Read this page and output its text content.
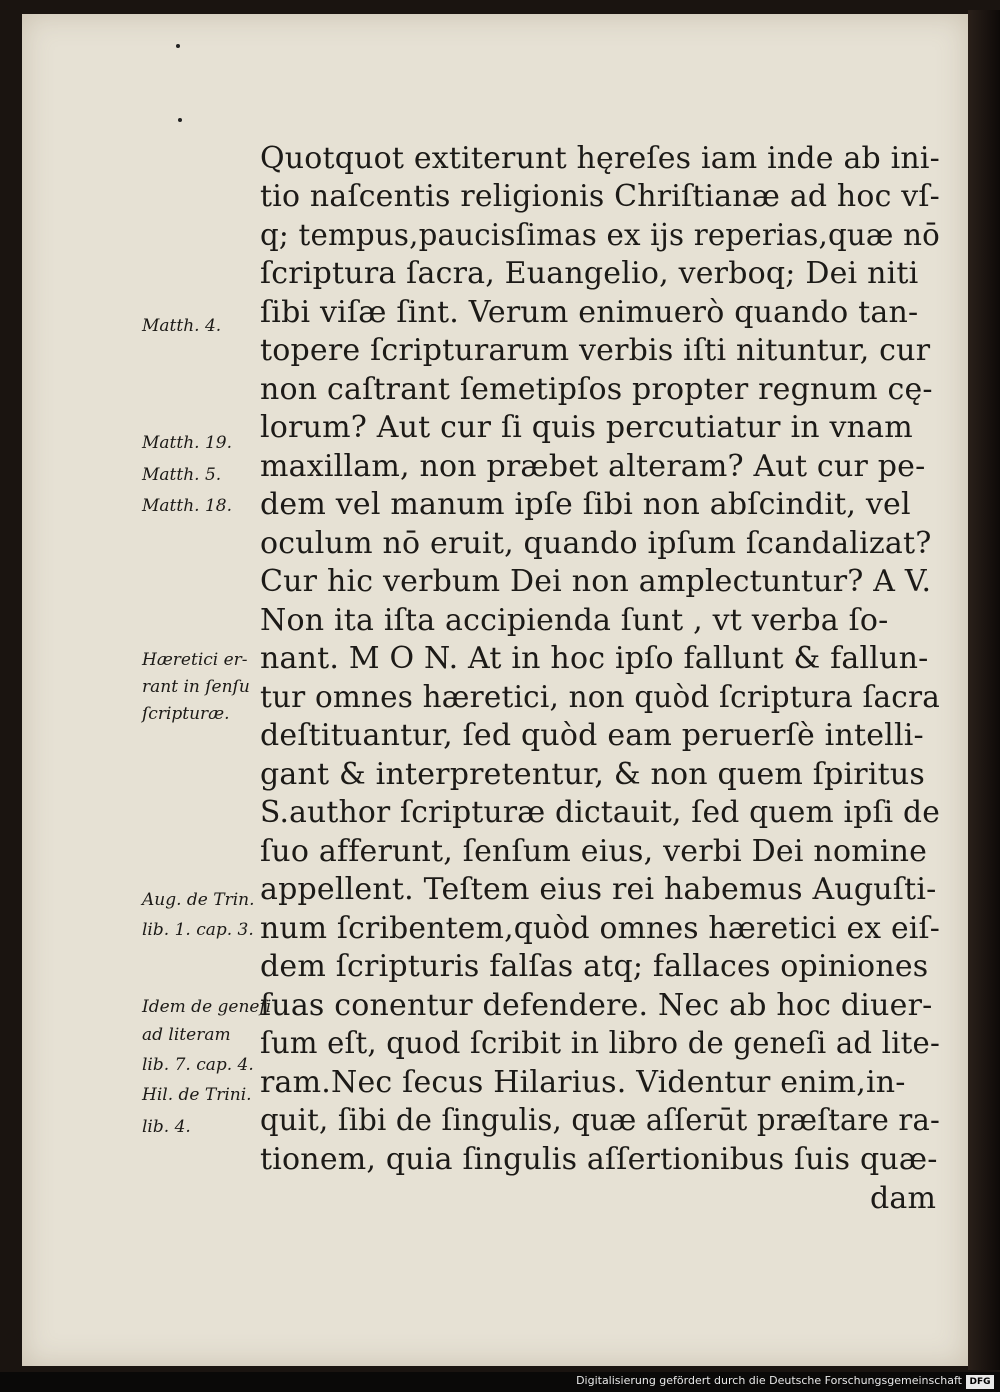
Quotquot extiterunt hęreſes iam inde ab ini-
tio naſcentis religionis Chriſtianæ ad hoc vſ-
q; tempus,paucisſimas ex ijs reperias,quæ nō
ſcriptura ſacra, Euangelio, verboq; Dei niti
ſibi viſæ ſint. Verum enimuerò quando tan-
topere ſcripturarum verbis iſti nituntur, cur
non caſtrant ſemetipſos propter regnum cę-
lorum? Aut cur ſi quis percutiatur in vnam
maxillam, non præbet alteram? Aut cur pe-
dem vel manum ipſe ſibi non abſcindit, vel
oculum nō eruit, quando ipſum ſcandalizat?
Cur hic verbum Dei non amplectuntur? A V.
Non ita iſta accipienda ſunt , vt verba ſo-
nant. M O N. At in hoc ipſo fallunt & fallun-
tur omnes hæretici, non quòd ſcriptura ſacra
deſtituantur, ſed quòd eam peruerſè intelli-
gant & interpretentur, & non quem ſpiritus
S.author ſcripturæ dictauit, ſed quem ipſi de
ſuo afferunt, ſenſum eius, verbi Dei nomine
appellent. Teſtem eius rei habemus Auguſti-
num ſcribentem,quòd omnes hæretici ex eiſ-
dem ſcripturis falſas atq; fallaces opiniones
ſuas conentur defendere. Nec ab hoc diuer-
ſum eſt, quod ſcribit in libro de geneſi ad lite-
ram.Nec ſecus Hilarius. Videntur enim,in-
quit, ſibi de ſingulis, quæ aſſerūt præſtare ra-
tionem, quia ſingulis aſſertionibus ſuis quæ-
dam
Matth. 4.
Matth. 19.
Matth. 5.
Matth. 18.
Hæretici er-
rant in ſenſu
ſcripturæ.
Aug. de Trin.
lib. 1. cap. 3.
Idem de geneſi
ad literam
lib. 7. cap. 4.
Hil. de Trini.
lib. 4.
Digitalisierung gefördert durch die Deutsche Forschungsgemeinschaft DFG
